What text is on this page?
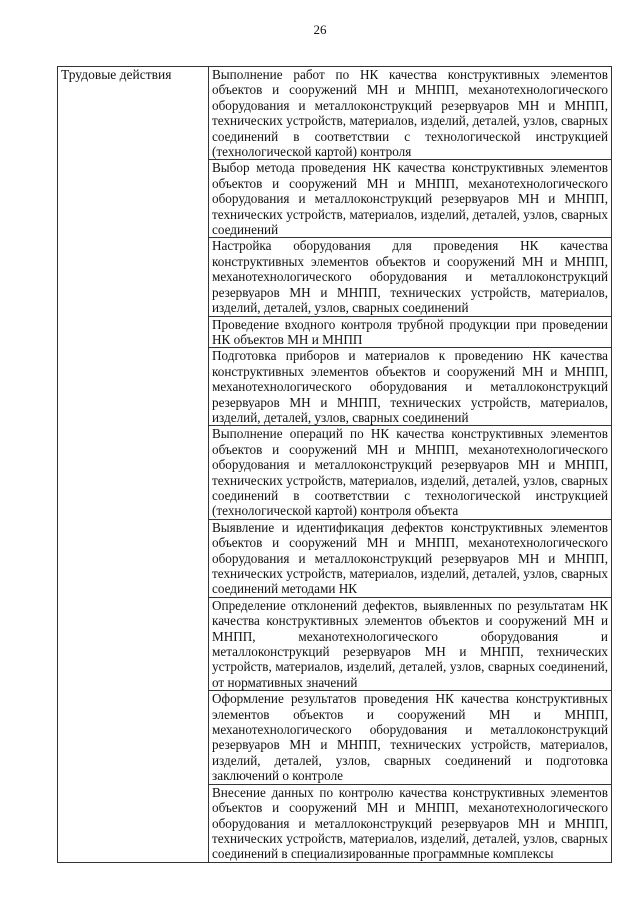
26
Трудовые действия	Выполнение работ по НК качества конструктивных элементов объектов и сооружений МН и МНПП, механотехнологического оборудования и металлоконструкций резервуаров МН и МНПП, технических устройств, материалов, изделий, деталей, узлов, сварных соединений в соответствии с технологической инструкцией (технологической картой) контроля
Выбор метода проведения НК качества конструктивных элементов объектов и сооружений МН и МНПП, механотехнологического оборудования и металлоконструкций резервуаров МН и МНПП, технических устройств, материалов, изделий, деталей, узлов, сварных соединений
Настройка оборудования для проведения НК качества конструктивных элементов объектов и сооружений МН и МНПП, механотехнологического оборудования и металлоконструкций резервуаров МН и МНПП, технических устройств, материалов, изделий, деталей, узлов, сварных соединений
Проведение входного контроля трубной продукции при проведении НК объектов МН и МНПП
Подготовка приборов и материалов к проведению НК качества конструктивных элементов объектов и сооружений МН и МНПП, механотехнологического оборудования и металлоконструкций резервуаров МН и МНПП, технических устройств, материалов, изделий, деталей, узлов, сварных соединений
Выполнение операций по НК качества конструктивных элементов объектов и сооружений МН и МНПП, механотехнологического оборудования и металлоконструкций резервуаров МН и МНПП, технических устройств, материалов, изделий, деталей, узлов, сварных соединений в соответствии с технологической инструкцией (технологической картой) контроля объекта
Выявление и идентификация дефектов конструктивных элементов объектов и сооружений МН и МНПП, механотехнологического оборудования и металлоконструкций резервуаров МН и МНПП, технических устройств, материалов, изделий, деталей, узлов, сварных соединений методами НК
Определение отклонений дефектов, выявленных по результатам НК качества конструктивных элементов объектов и сооружений МН и МНПП, механотехнологического оборудования и металлоконструкций резервуаров МН и МНПП, технических устройств, материалов, изделий, деталей, узлов, сварных соединений, от нормативных значений
Оформление результатов проведения НК качества конструктивных элементов объектов и сооружений МН и МНПП, механотехнологического оборудования и металлоконструкций резервуаров МН и МНПП, технических устройств, материалов, изделий, деталей, узлов, сварных соединений и подготовка заключений о контроле
Внесение данных по контролю качества конструктивных элементов объектов и сооружений МН и МНПП, механотехнологического оборудования и металлоконструкций резервуаров МН и МНПП, технических устройств, материалов, изделий, деталей, узлов, сварных соединений в специализированные программные комплексы
